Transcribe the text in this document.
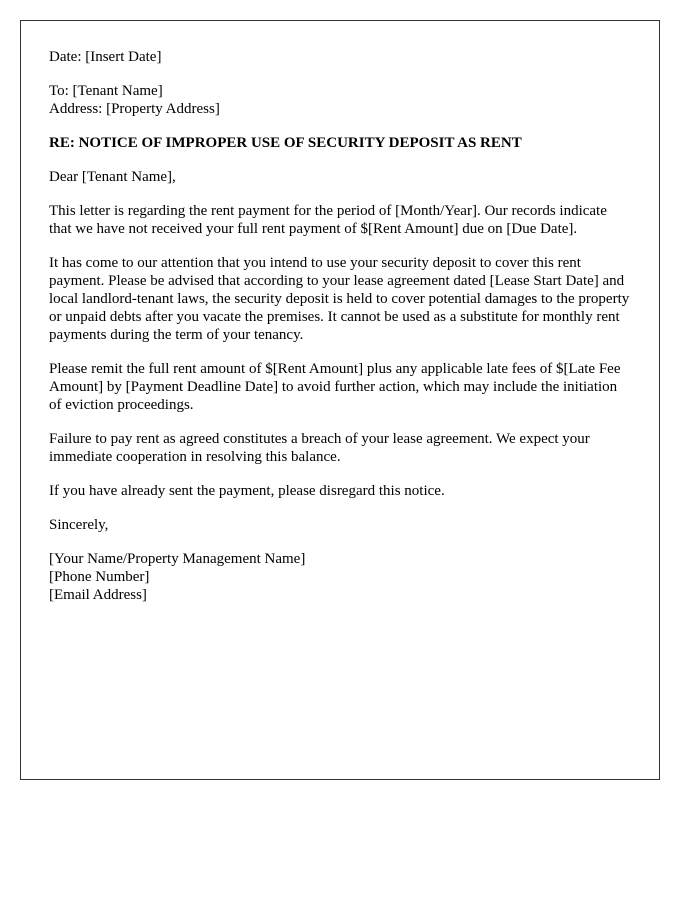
Date: [Insert Date]
To: [Tenant Name]
Address: [Property Address]
RE: NOTICE OF IMPROPER USE OF SECURITY DEPOSIT AS RENT

Dear [Tenant Name],

This letter is regarding the rent payment for the period of [Month/Year]. Our records indicate that we have not received your full rent payment of $[Rent Amount] due on [Due Date].

It has come to our attention that you intend to use your security deposit to cover this rent payment. Please be advised that according to your lease agreement dated [Lease Start Date] and local landlord-tenant laws, the security deposit is held to cover potential damages to the property or unpaid debts after you vacate the premises. It cannot be used as a substitute for monthly rent payments during the term of your tenancy.

Please remit the full rent amount of $[Rent Amount] plus any applicable late fees of $[Late Fee Amount] by [Payment Deadline Date] to avoid further action, which may include the initiation of eviction proceedings.

Failure to pay rent as agreed constitutes a breach of your lease agreement. We expect your immediate cooperation in resolving this balance.

If you have already sent the payment, please disregard this notice.

Sincerely,

[Your Name/Property Management Name]
[Phone Number]
[Email Address]
